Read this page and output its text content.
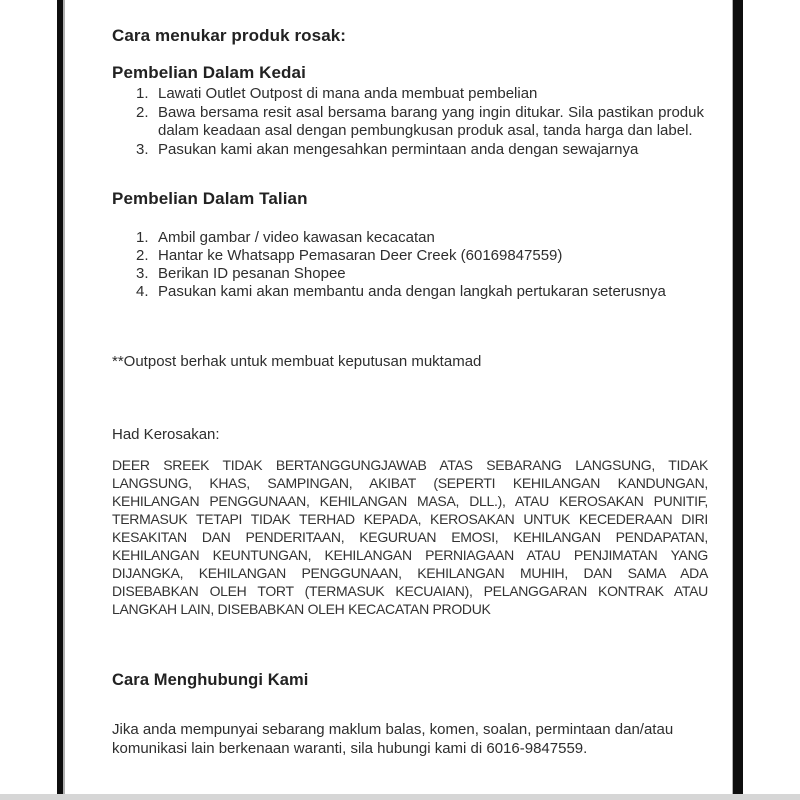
Cara menukar produk rosak:
Pembelian Dalam Kedai
1. Lawati Outlet Outpost di mana anda membuat pembelian
2. Bawa bersama resit asal bersama barang yang ingin ditukar. Sila pastikan produk dalam keadaan asal dengan pembungkusan produk asal, tanda harga dan label.
3. Pasukan kami akan mengesahkan permintaan anda dengan sewajarnya
Pembelian Dalam Talian
1. Ambil gambar / video kawasan kecacatan
2. Hantar ke Whatsapp Pemasaran Deer Creek (60169847559)
3. Berikan ID pesanan Shopee
4. Pasukan kami akan membantu anda dengan langkah pertukaran seterusnya
**Outpost berhak untuk membuat keputusan muktamad
Had Kerosakan:
DEER SREEK TIDAK BERTANGGUNGJAWAB ATAS SEBARANG LANGSUNG, TIDAK LANGSUNG, KHAS, SAMPINGAN, AKIBAT (SEPERTI KEHILANGAN KANDUNGAN, KEHILANGAN PENGGUNAAN, KEHILANGAN MASA, DLL.), ATAU KEROSAKAN PUNITIF, TERMASUK TETAPI TIDAK TERHAD KEPADA, KEROSAKAN UNTUK KECEDERAAN DIRI KESAKITAN DAN PENDERITAAN, KEGURUAN EMOSI, KEHILANGAN PENDAPATAN, KEHILANGAN KEUNTUNGAN, KEHILANGAN PERNIAGAAN ATAU PENJIMATAN YANG DIJANGKA, KEHILANGAN PENGGUNAAN, KEHILANGAN MUHIH, DAN SAMA ADA DISEBABKAN OLEH TORT (TERMASUK KECUAIAN), PELANGGARAN KONTRAK ATAU LANGKAH LAIN, DISEBABKAN OLEH KECACATAN PRODUK
Cara Menghubungi Kami
Jika anda mempunyai sebarang maklum balas, komen, soalan, permintaan dan/atau komunikasi lain berkenaan waranti, sila hubungi kami di 6016-9847559.
